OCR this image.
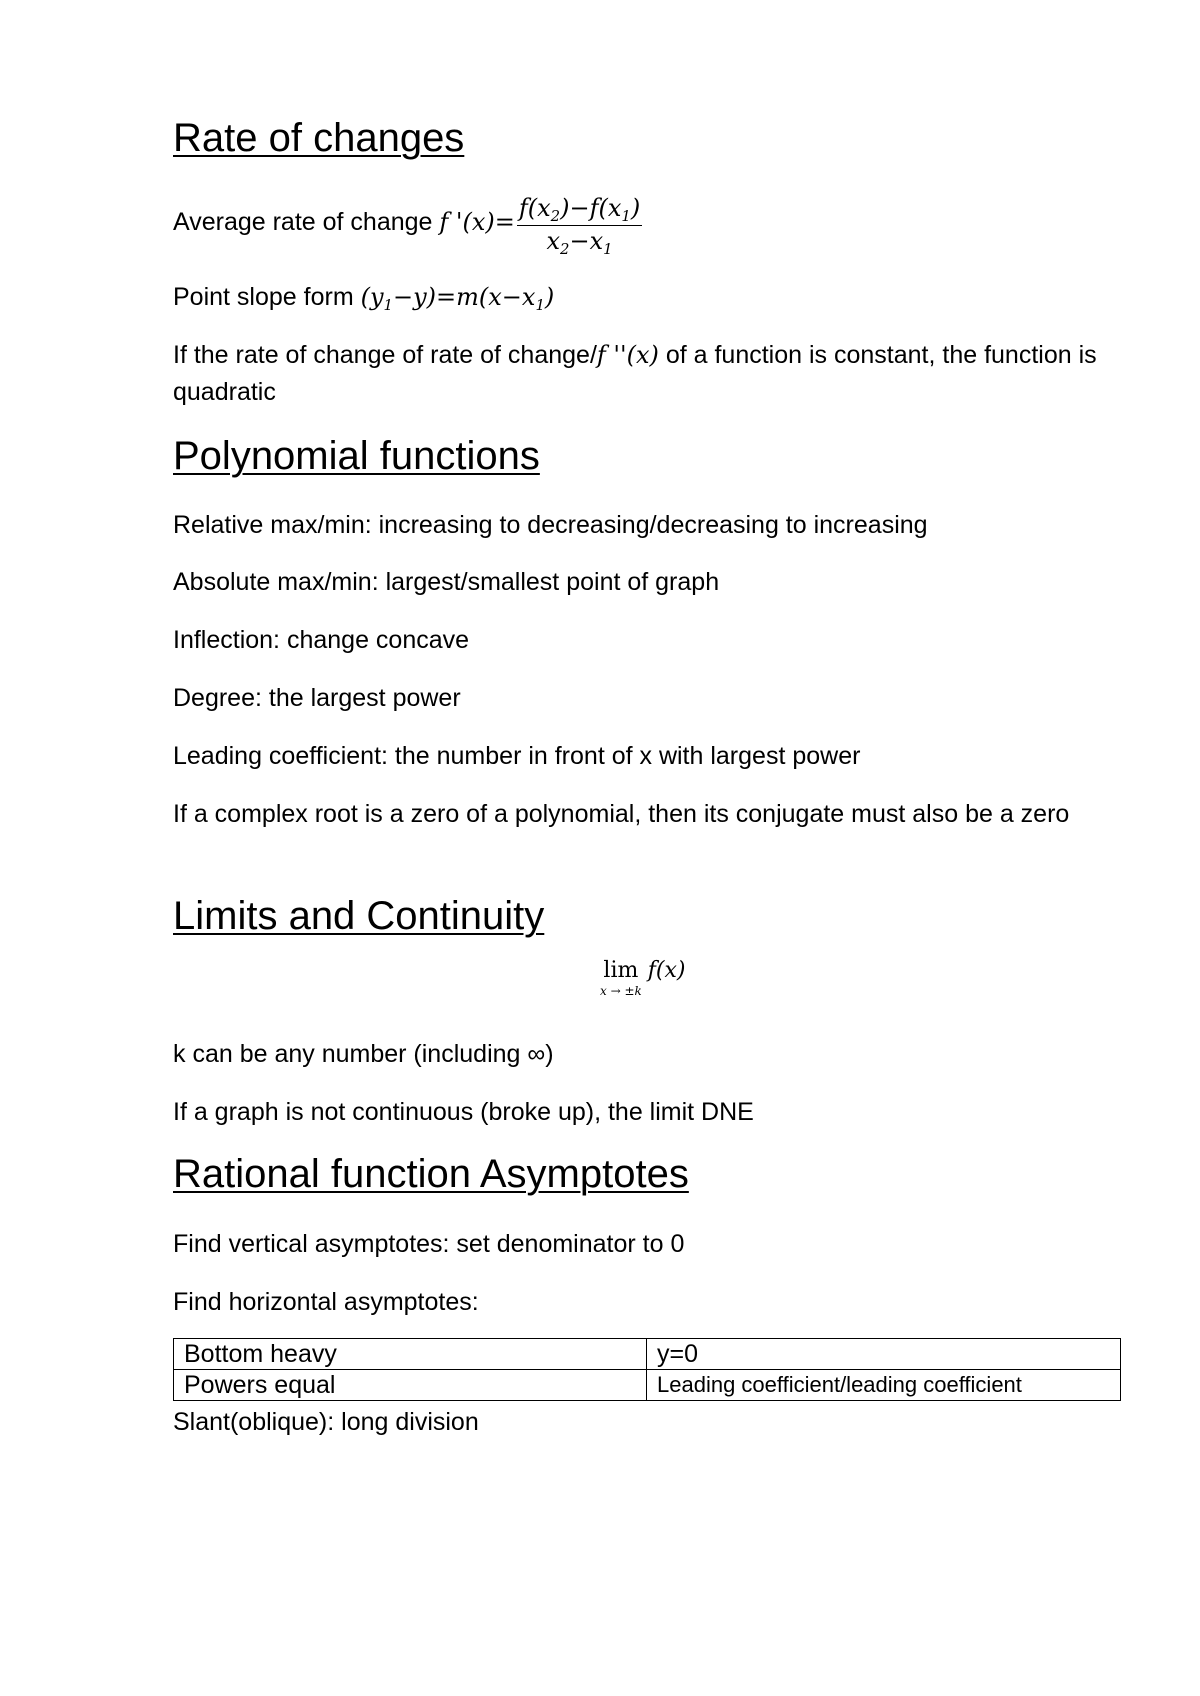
Rate of changes
Average rate of change f '$(x)= \frac{f(x_2)-f(x_1)}{x_2-x_1}$

Point slope form $(y_1-y)=m(x-x_1)$

If the rate of change of rate of change/f ''(x) of a function is constant, the function is quadratic

Polynomial functions

Relative max/min: increasing to decreasing/decreasing to increasing

Absolute max/min: largest/smallest point of graph

Inflection: change concave

Degree: the largest power

Leading coefficient: the number in front of x with largest power

If a complex root is a zero of a polynomial, then its conjugate must also be a zero

Limits and Continuity
lim
x → ±k
f(x)

k can be any number (including ∞)

If a graph is not continuous (broke up), the limit DNE

Rational function Asymptotes

Find vertical asymptotes: set denominator to 0

Find horizontal asymptotes:

Bottom heavy	y=0
Powers equal	Leading coefficient/leading coefficient

Slant(oblique): long division
